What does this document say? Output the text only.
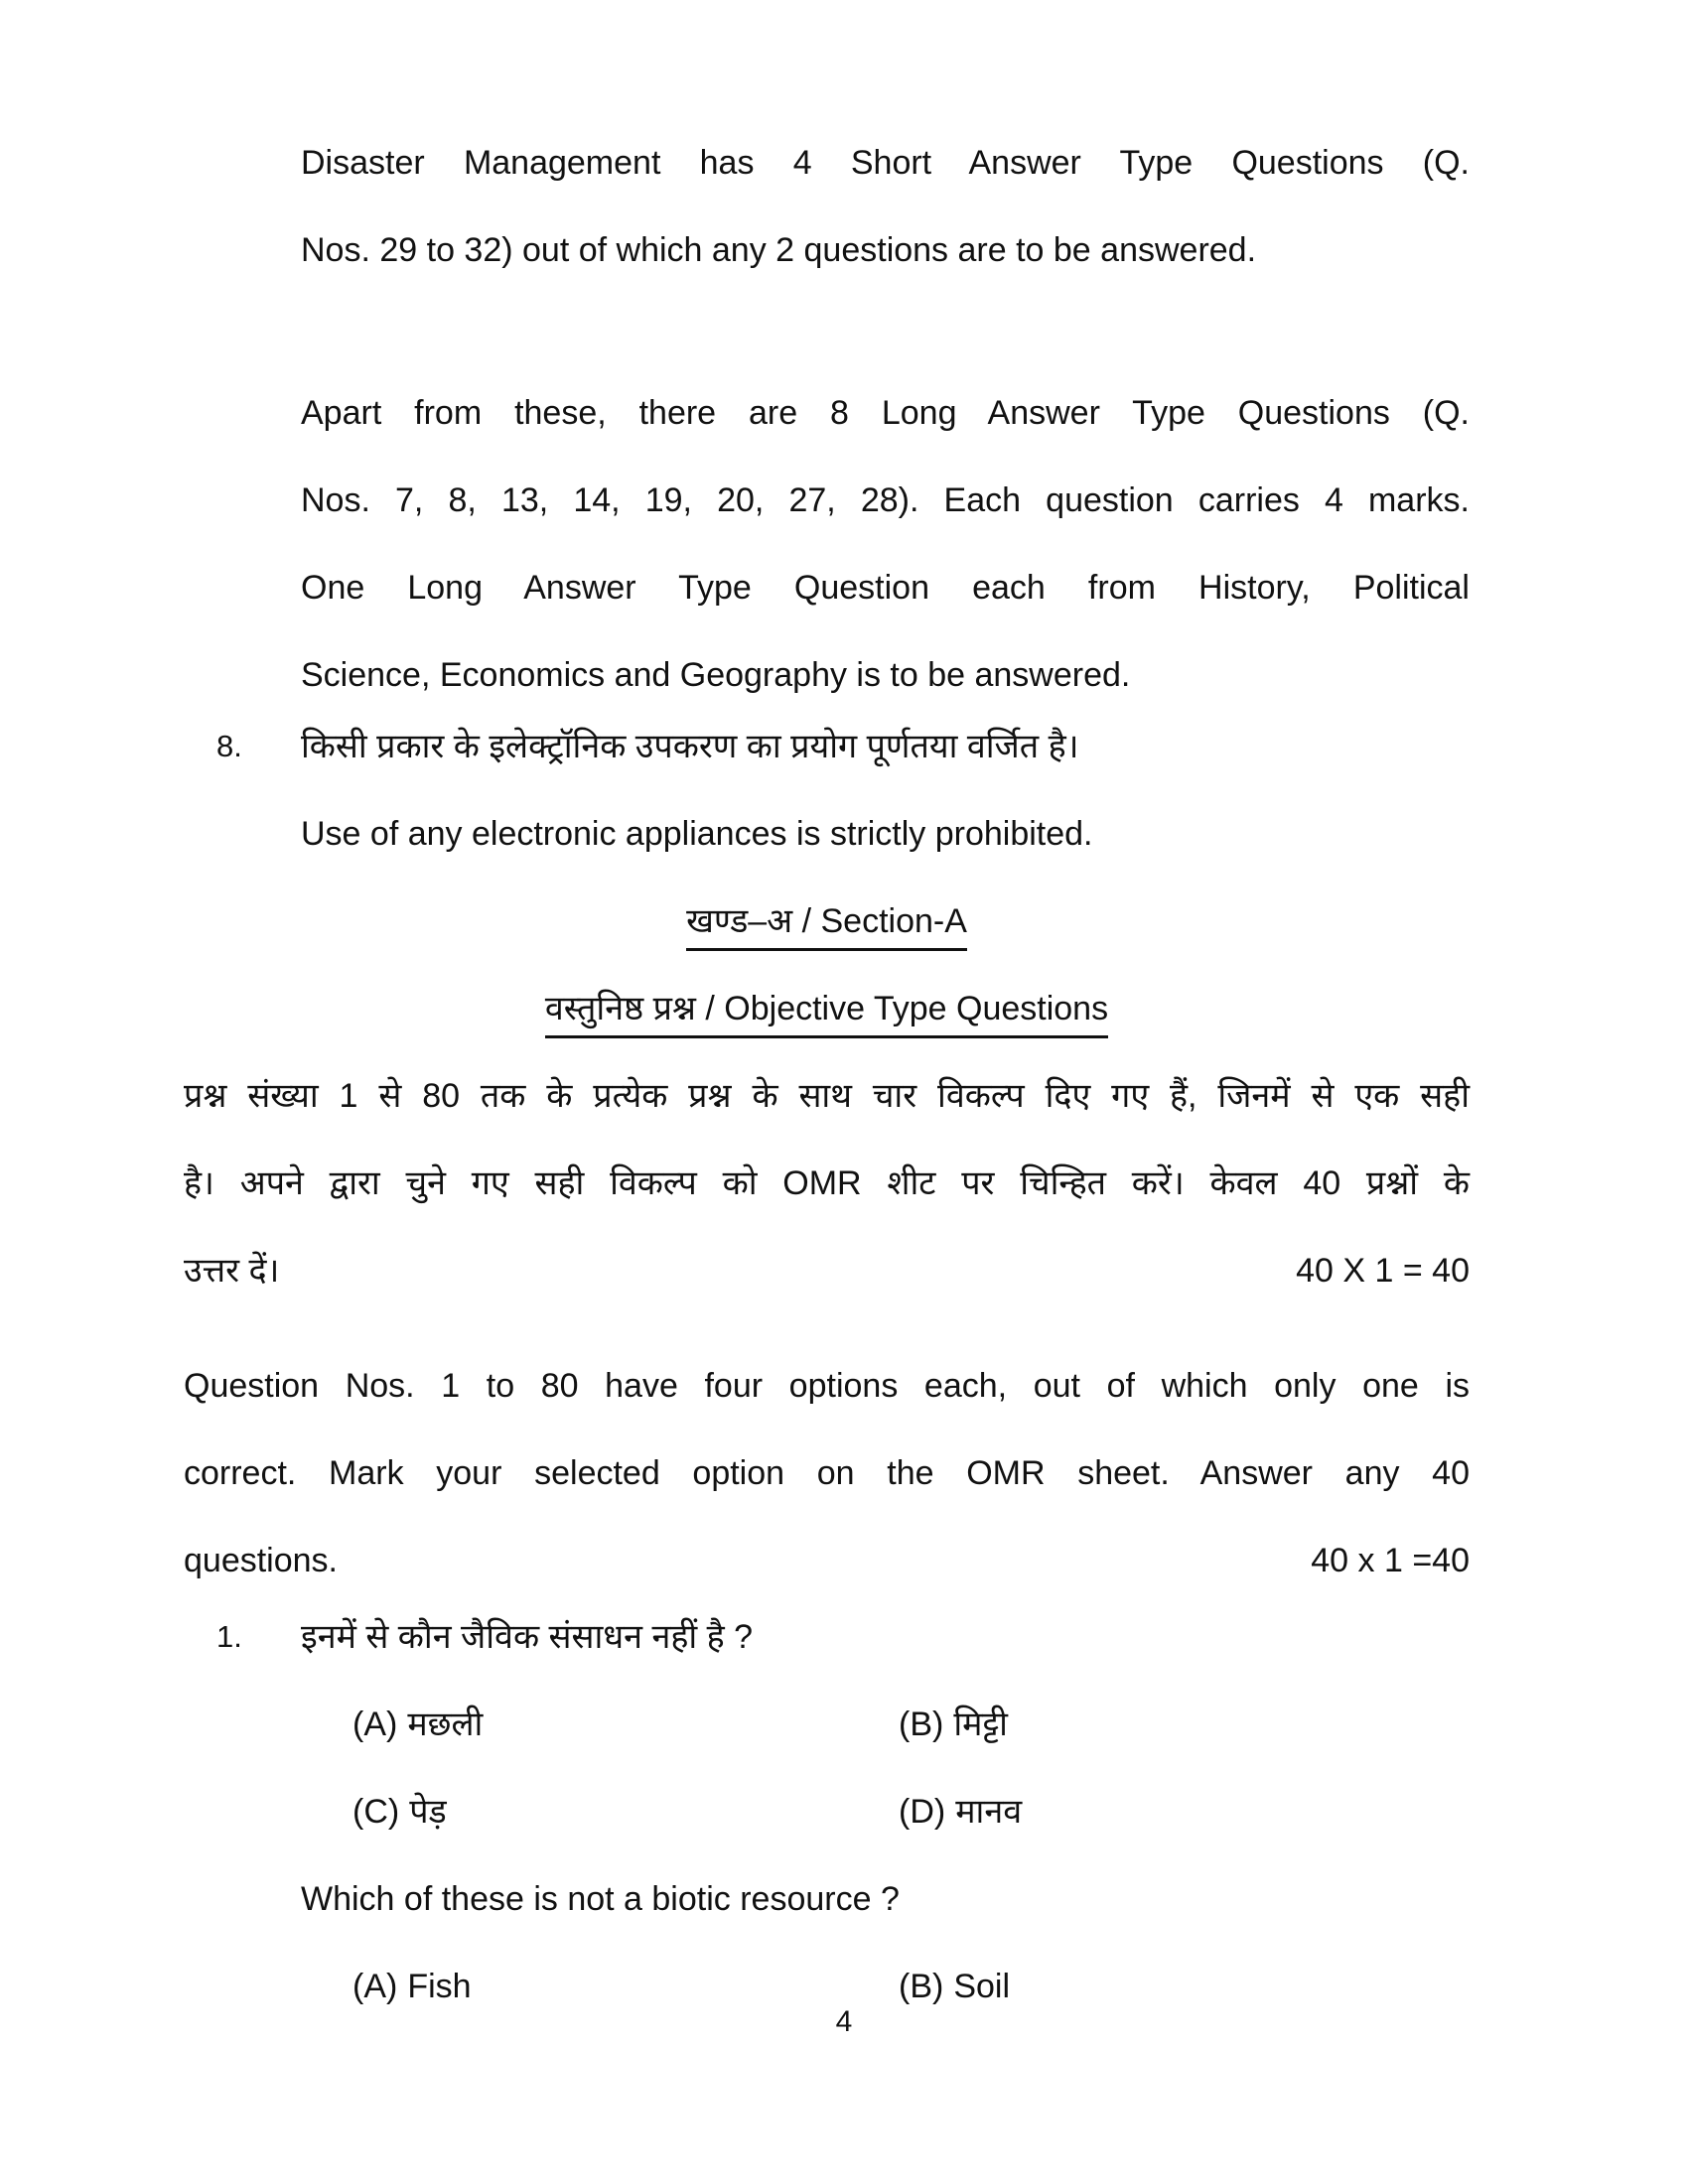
Disaster Management has 4 Short Answer Type Questions (Q.
Nos. 29 to 32) out of which any 2 questions are to be answered.
Apart from these, there are 8 Long Answer Type Questions (Q.
Nos. 7, 8, 13, 14, 19, 20, 27, 28). Each question carries 4 marks.
One Long Answer Type Question each from History, Political
Science, Economics and Geography is to be answered.
8. किसी प्रकार के इलेक्ट्रॉनिक उपकरण का प्रयोग पूर्णतया वर्जित है।
Use of any electronic appliances is strictly prohibited.
खण्ड–अ / Section-A
वस्तुनिष्ठ प्रश्न / Objective Type Questions
प्रश्न संख्या 1 से 80 तक के प्रत्येक प्रश्न के साथ चार विकल्प दिए गए हैं, जिनमें से एक सही
है। अपने द्वारा चुने गए सही विकल्प को OMR शीट पर चिन्हित करें। केवल 40 प्रश्नों के
उत्तर दें।	40 X 1 = 40
Question Nos. 1 to 80 have four options each, out of which only one is
correct. Mark your selected option on the OMR sheet. Answer any 40
questions.	40 x 1 =40
1. इनमें से कौन जैविक संसाधन नहीं है ?
(A) मछली	(B) मिट्टी
(C) पेड़	(D) मानव
Which of these is not a biotic resource ?
(A) Fish	(B) Soil
4
